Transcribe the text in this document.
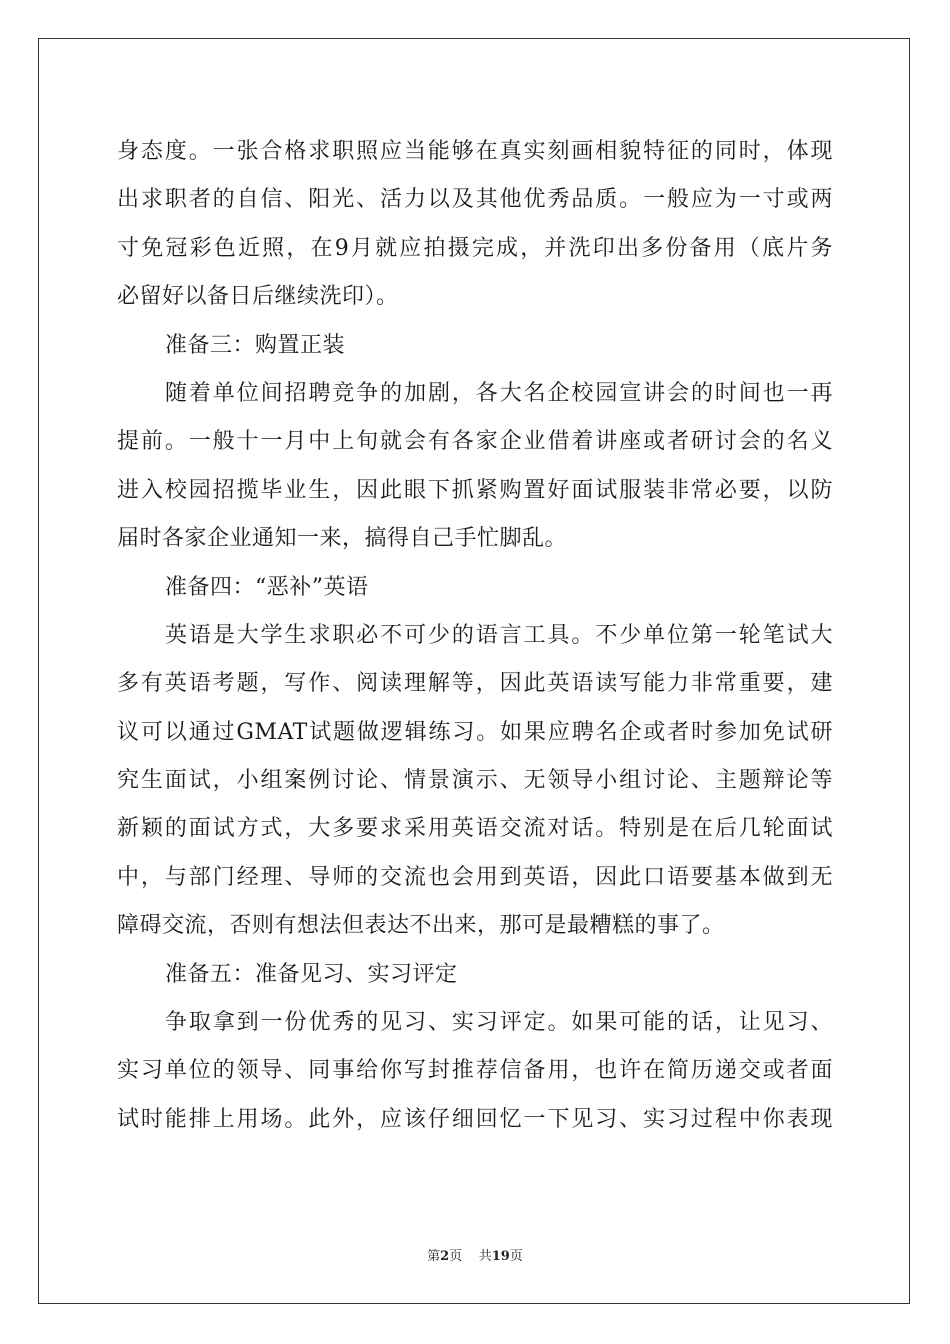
身态度。一张合格求职照应当能够在真实刻画相貌特征的同时，体现
出求职者的自信、阳光、活力以及其他优秀品质。一般应为一寸或两
寸免冠彩色近照，在9月就应拍摄完成，并洗印出多份备用（底片务
必留好以备日后继续洗印）。
准备三：购置正装
随着单位间招聘竞争的加剧，各大名企校园宣讲会的时间也一再
提前。一般十一月中上旬就会有各家企业借着讲座或者研讨会的名义
进入校园招揽毕业生，因此眼下抓紧购置好面试服装非常必要，以防
届时各家企业通知一来，搞得自己手忙脚乱。
准备四：“恶补”英语
英语是大学生求职必不可少的语言工具。不少单位第一轮笔试大
多有英语考题，写作、阅读理解等，因此英语读写能力非常重要，建
议可以通过GMAT试题做逻辑练习。如果应聘名企或者时参加免试研
究生面试，小组案例讨论、情景演示、无领导小组讨论、主题辩论等
新颖的面试方式，大多要求采用英语交流对话。特别是在后几轮面试
中，与部门经理、导师的交流也会用到英语，因此口语要基本做到无
障碍交流，否则有想法但表达不出来，那可是最糟糕的事了。
准备五：准备见习、实习评定
争取拿到一份优秀的见习、实习评定。如果可能的话，让见习、
实习单位的领导、同事给你写封推荐信备用，也许在简历递交或者面
试时能排上用场。此外，应该仔细回忆一下见习、实习过程中你表现
第2页 共19页
